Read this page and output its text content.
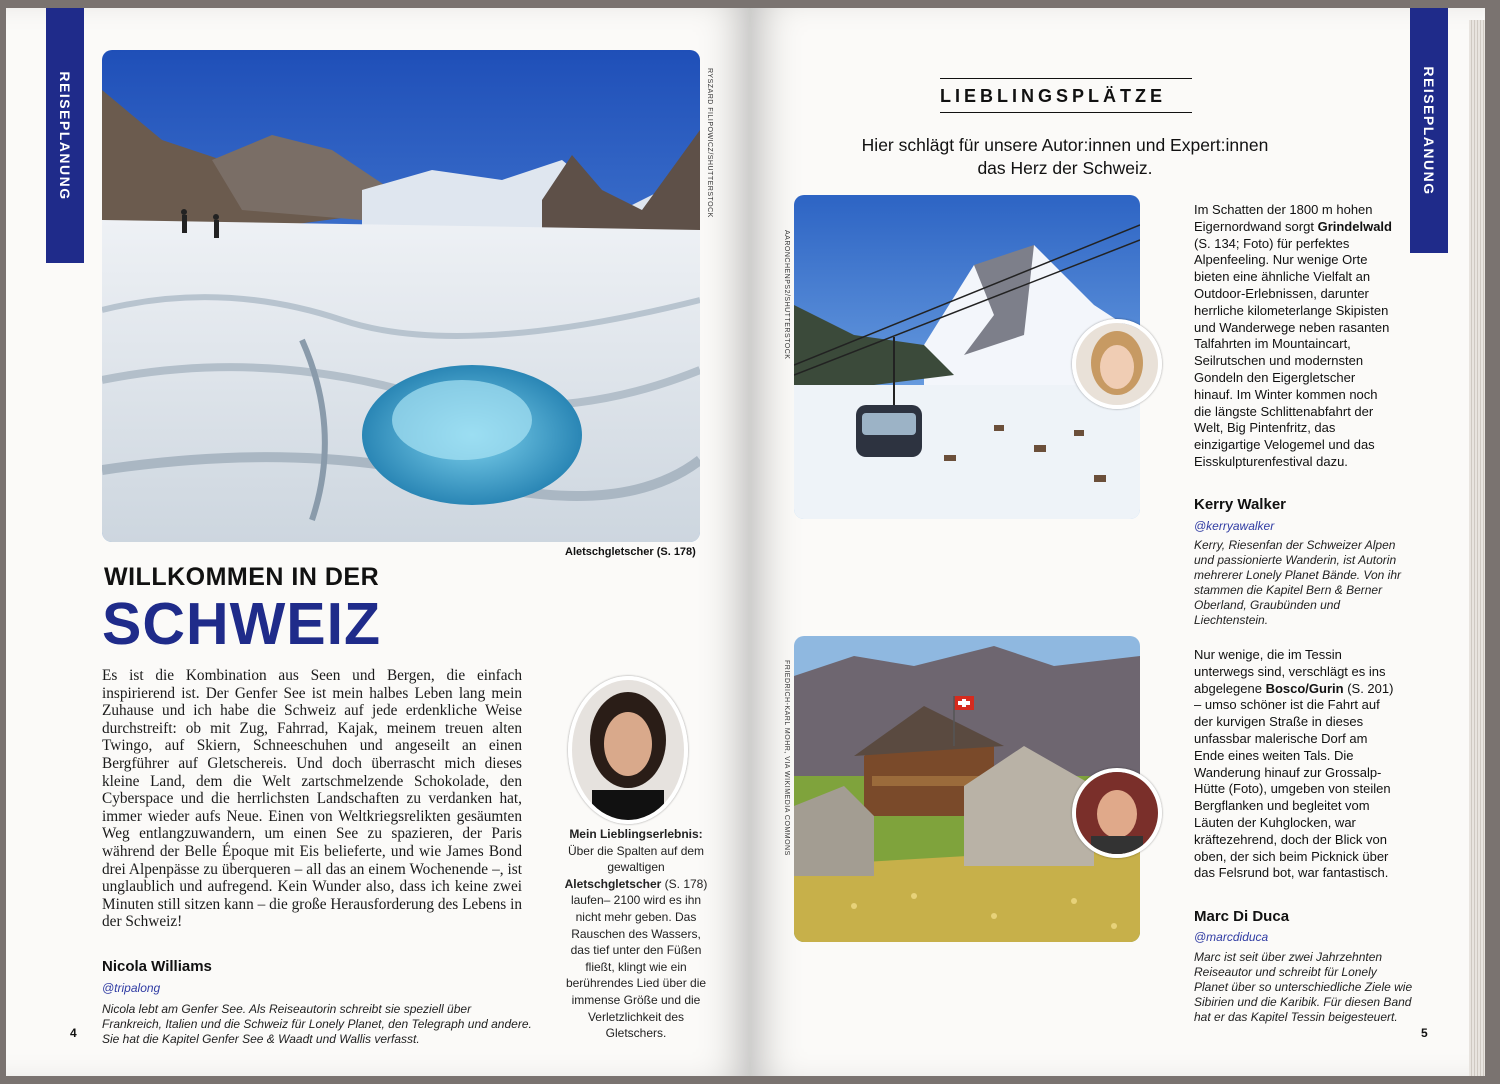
REISEPLANUNG	RYSZARD FILIPOWICZ/SHUTTERSTOCK
Aletschgletscher (S. 178)
WILLKOMMEN IN DER
SCHWEIZ
Es ist die Kombination aus Seen und Bergen, die einfach inspirierend ist. Der Genfer See ist mein halbes Leben lang mein Zuhause und ich habe die Schweiz auf jede erdenkliche Weise durchstreift: ob mit Zug, Fahrrad, Kajak, meinem treuen alten Twingo, auf Skiern, Schneeschuhen und angeseilt an einen Bergführer auf Gletschereis. Und doch überrascht mich dieses kleine Land, dem die Welt zartschmelzende Schokolade, den Cyberspace und die herrlichsten Landschaften zu verdanken hat, immer wieder aufs Neue. Einen von Weltkriegsrelikten gesäumten Weg entlangzuwandern, um einen See zu spazieren, der Paris während der Belle Époque mit Eis belieferte, und wie James Bond drei Alpenpässe zu überqueren – all das an einem Wochenende –, ist unglaublich und aufregend. Kein Wunder also, dass ich keine zwei Minuten still sitzen kann – die große Herausforderung des Lebens in der Schweiz!
Nicola Williams
@tripalong
Nicola lebt am Genfer See. Als Reiseautorin schreibt sie speziell über Frankreich, Italien und die Schweiz für Lonely Planet, den Telegraph und andere. Sie hat die Kapitel Genfer See & Waadt und Wallis verfasst.
Mein Lieblingserlebnis:
Über die Spalten auf dem gewaltigen Aletschgletscher (S. 178) laufen– 2100 wird es ihn nicht mehr geben. Das Rauschen des Wassers, das tief unter den Füßen fließt, klingt wie ein berührendes Lied über die immense Größe und die Verletzlichkeit des Gletschers.
4
REISEPLANUNG
LIEBLINGSPLÄTZE
Hier schlägt für unsere Autor:innen und Expert:innen
das Herz der Schweiz.
AARONCHENPS2/SHUTTERSTOCK
Im Schatten der 1800 m hohen Eigernordwand sorgt Grindelwald (S. 134; Foto) für perfektes Alpenfeeling. Nur wenige Orte bieten eine ähnliche Vielfalt an Outdoor-Erlebnissen, darunter herrliche kilometerlange Skipisten und Wanderwege neben rasanten Talfahrten im Mountaincart, Seilrutschen und modernsten Gondeln den Eigergletscher hinauf. Im Winter kommen noch die längste Schlittenabfahrt der Welt, Big Pintenfritz, das einzigartige Velogemel und das Eisskulpturenfestival dazu.
Kerry Walker
@kerryawalker
Kerry, Riesenfan der Schweizer Alpen und passionierte Wanderin, ist Autorin mehrerer Lonely Planet Bände. Von ihr stammen die Kapitel Bern & Berner Oberland, Graubünden und Liechtenstein.
FRIEDRICH-KARL MOHR, VIA WIKIMEDIA COMMONS
Nur wenige, die im Tessin unterwegs sind, verschlägt es ins abgelegene Bosco/Gurin (S. 201) – umso schöner ist die Fahrt auf der kurvigen Straße in dieses unfassbar malerische Dorf am Ende eines weiten Tals. Die Wanderung hinauf zur Grossalp-Hütte (Foto), umgeben von steilen Bergflanken und begleitet vom Läuten der Kuhglocken, war kräftezehrend, doch der Blick von oben, der sich beim Picknick über das Felsrund bot, war fantastisch.
Marc Di Duca
@marcdiduca
Marc ist seit über zwei Jahrzehnten Reiseautor und schreibt für Lonely Planet über so unterschiedliche Ziele wie Sibirien und die Karibik. Für diesen Band hat er das Kapitel Tessin beigesteuert.
5
